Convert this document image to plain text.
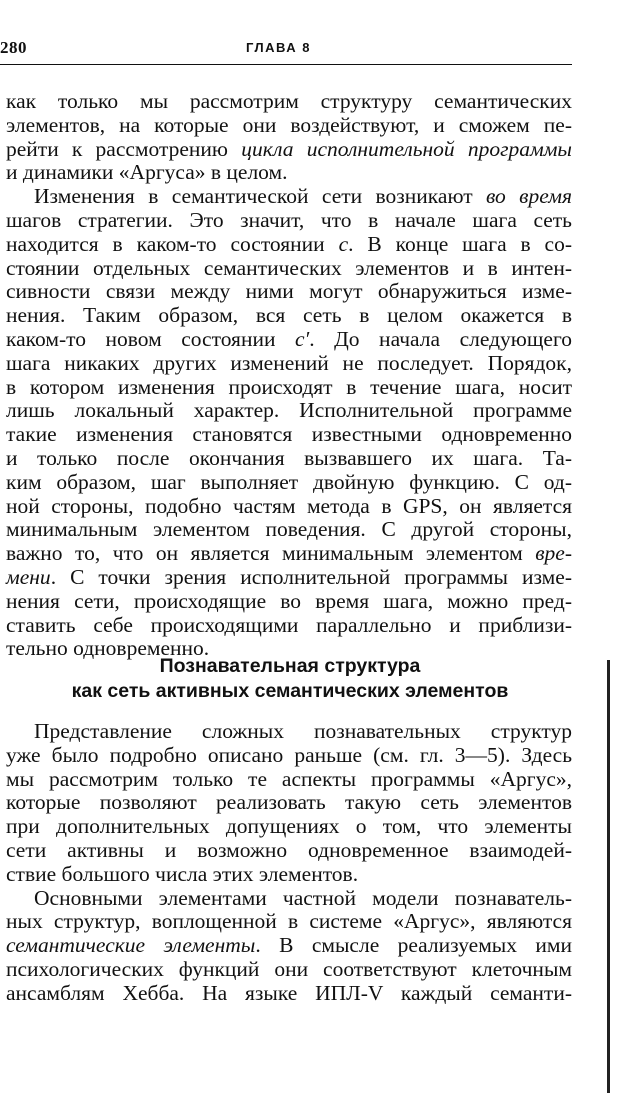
280	ГЛАВА 8
как только мы рассмотрим структуру семантических
элементов, на которые они воздействуют, и сможем пе-
рейти к рассмотрению цикла исполнительной программы
и динамики «Аргуса» в целом.
Изменения в семантической сети возникают во время
шагов стратегии. Это значит, что в начале шага сеть
находится в каком-то состоянии c. В конце шага в со-
стоянии отдельных семантических элементов и в интен-
сивности связи между ними могут обнаружиться изме-
нения. Таким образом, вся сеть в целом окажется в
каком-то новом состоянии c′. До начала следующего
шага никаких других изменений не последует. Порядок,
в котором изменения происходят в течение шага, носит
лишь локальный характер. Исполнительной программе
такие изменения становятся известными одновременно
и только после окончания вызвавшего их шага. Та-
ким образом, шаг выполняет двойную функцию. С од-
ной стороны, подобно частям метода в GPS, он является
минимальным элементом поведения. С другой стороны,
важно то, что он является минимальным элементом вре-
мени. С точки зрения исполнительной программы изме-
нения сети, происходящие во время шага, можно пред-
ставить себе происходящими параллельно и приблизи-
тельно одновременно.
Познавательная структура
как сеть активных семантических элементов
Представление сложных познавательных структур
уже было подробно описано раньше (см. гл. 3—5). Здесь
мы рассмотрим только те аспекты программы «Аргус»,
которые позволяют реализовать такую сеть элементов
при дополнительных допущениях о том, что элементы
сети активны и возможно одновременное взаимодей-
ствие большого числа этих элементов.
Основными элементами частной модели познаватель-
ных структур, воплощенной в системе «Аргус», являются
семантические элементы. В смысле реализуемых ими
психологических функций они соответствуют клеточным
ансамблям Хебба. На языке ИПЛ-V каждый семанти-
